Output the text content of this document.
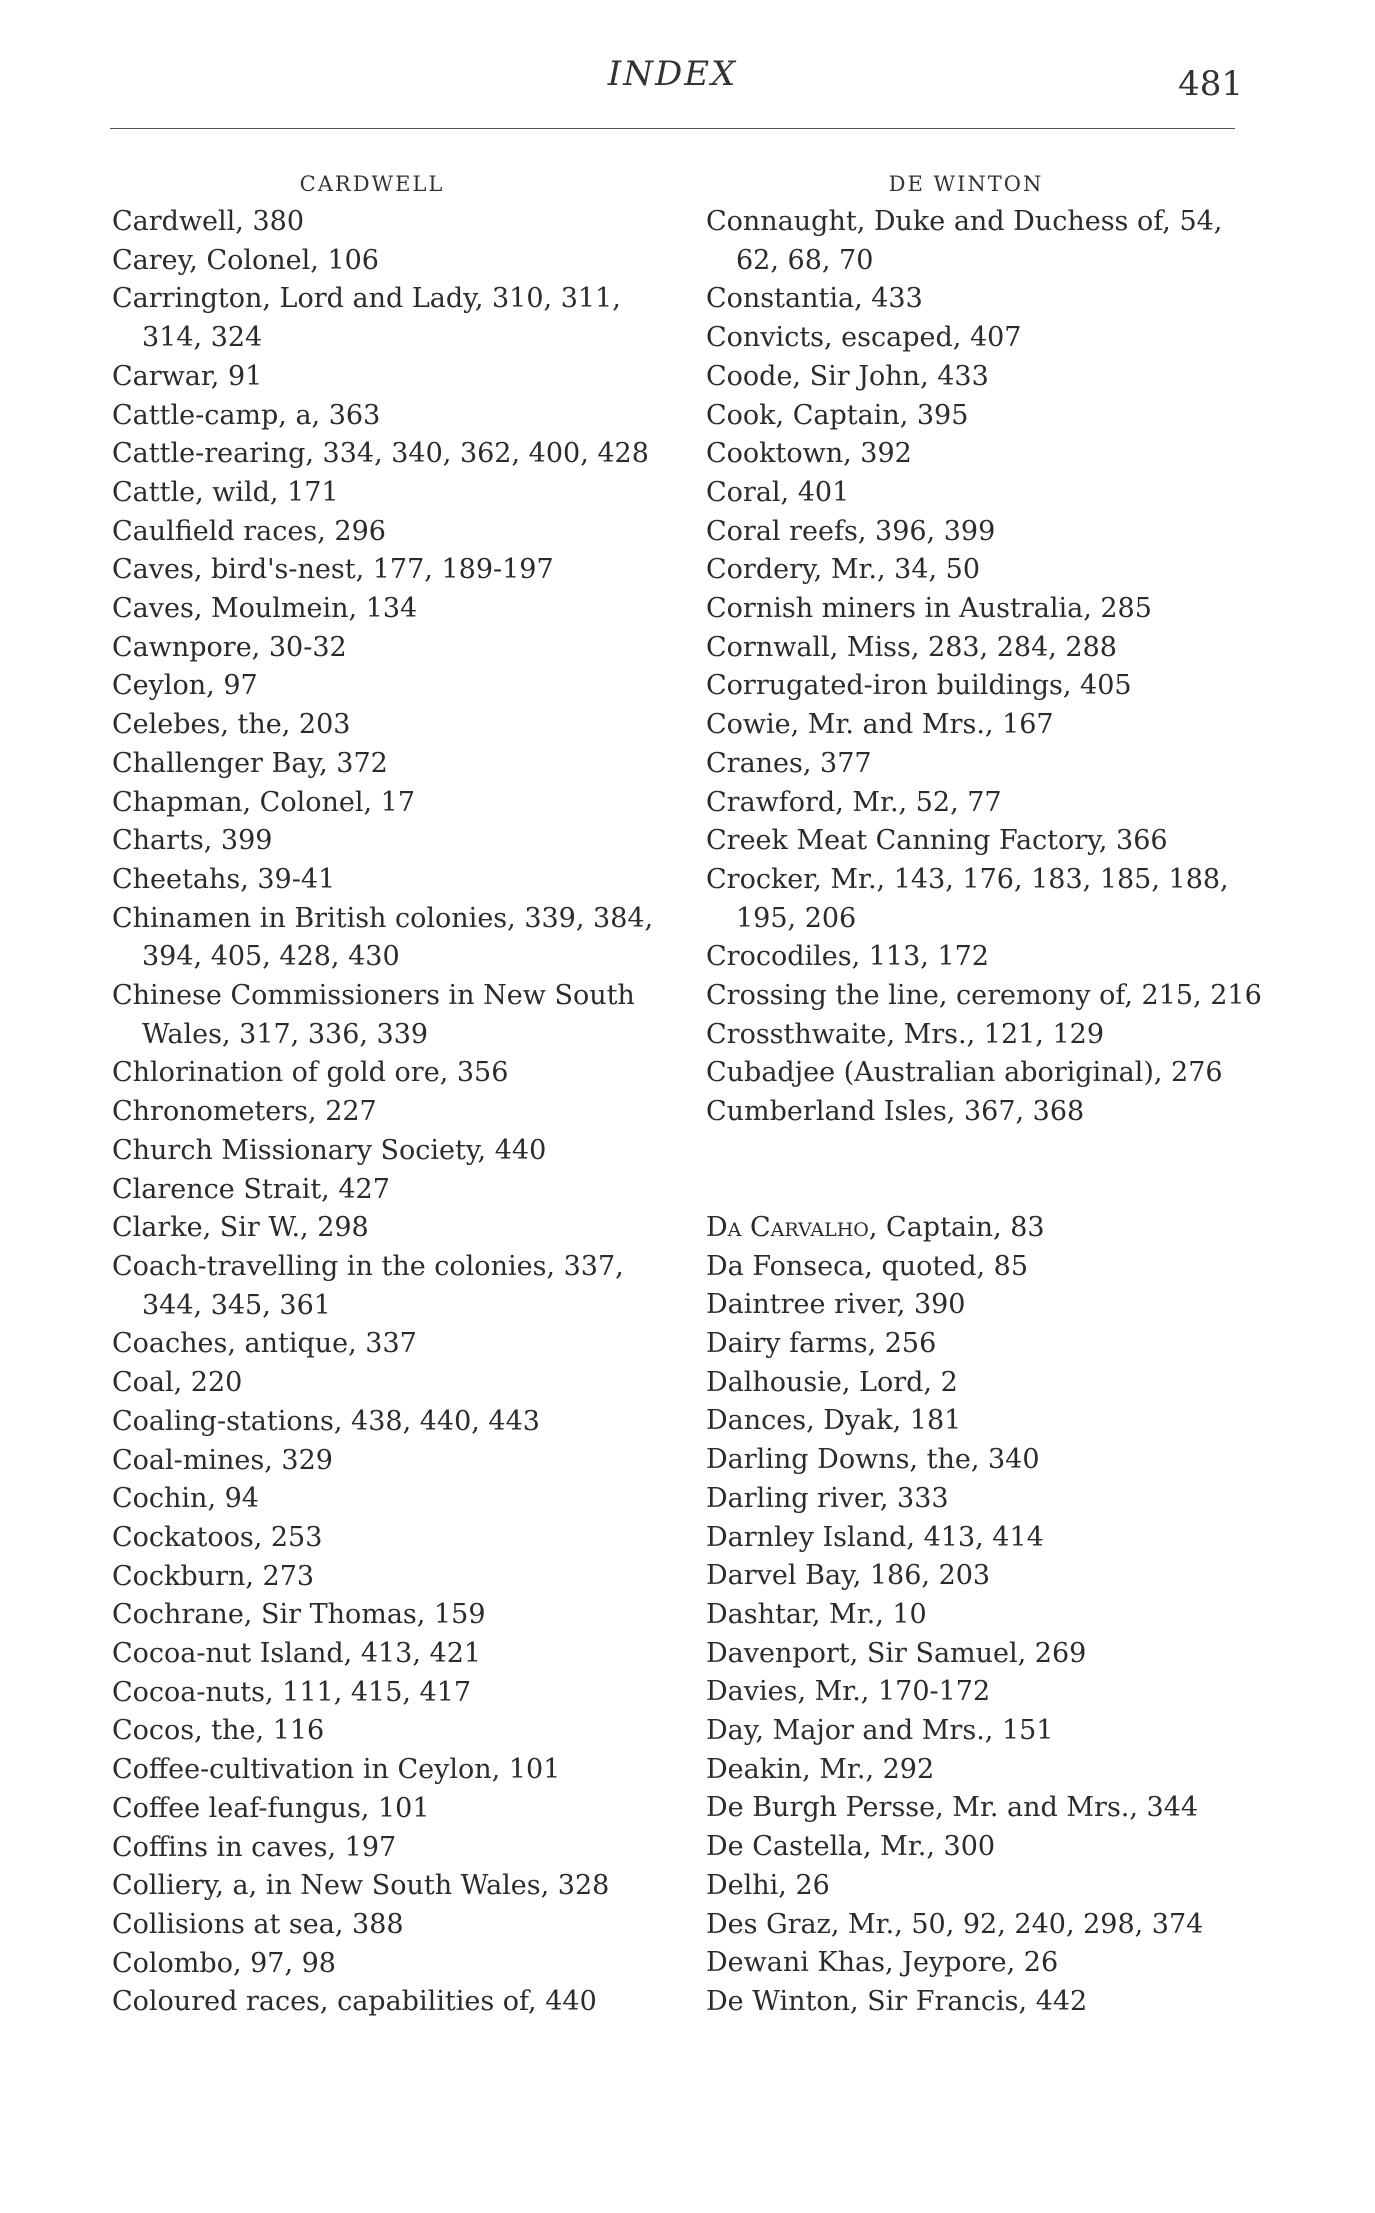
INDEX	481
CARDWELL
Cardwell, 380
Carey, Colonel, 106
Carrington, Lord and Lady, 310, 311, 314, 324
Carwar, 91
Cattle-camp, a, 363
Cattle-rearing, 334, 340, 362, 400, 428
Cattle, wild, 171
Caulfield races, 296
Caves, bird's-nest, 177, 189-197
Caves, Moulmein, 134
Cawnpore, 30-32
Ceylon, 97
Celebes, the, 203
Challenger Bay, 372
Chapman, Colonel, 17
Charts, 399
Cheetahs, 39-41
Chinamen in British colonies, 339, 384, 394, 405, 428, 430
Chinese Commissioners in New South Wales, 317, 336, 339
Chlorination of gold ore, 356
Chronometers, 227
Church Missionary Society, 440
Clarence Strait, 427
Clarke, Sir W., 298
Coach-travelling in the colonies, 337, 344, 345, 361
Coaches, antique, 337
Coal, 220
Coaling-stations, 438, 440, 443
Coal-mines, 329
Cochin, 94
Cockatoos, 253
Cockburn, 273
Cochrane, Sir Thomas, 159
Cocoa-nut Island, 413, 421
Cocoa-nuts, 111, 415, 417
Cocos, the, 116
Coffee-cultivation in Ceylon, 101
Coffee leaf-fungus, 101
Coffins in caves, 197
Colliery, a, in New South Wales, 328
Collisions at sea, 388
Colombo, 97, 98
Coloured races, capabilities of, 440
DE WINTON
Connaught, Duke and Duchess of, 54, 62, 68, 70
Constantia, 433
Convicts, escaped, 407
Coode, Sir John, 433
Cook, Captain, 395
Cooktown, 392
Coral, 401
Coral reefs, 396, 399
Cordery, Mr., 34, 50
Cornish miners in Australia, 285
Cornwall, Miss, 283, 284, 288
Corrugated-iron buildings, 405
Cowie, Mr. and Mrs., 167
Cranes, 377
Crawford, Mr., 52, 77
Creek Meat Canning Factory, 366
Crocker, Mr., 143, 176, 183, 185, 188, 195, 206
Crocodiles, 113, 172
Crossing the line, ceremony of, 215, 216
Crossthwaite, Mrs., 121, 129
Cubadjee (Australian aboriginal), 276
Cumberland Isles, 367, 368
Da Carvalho, Captain, 83
Da Fonseca, quoted, 85
Daintree river, 390
Dairy farms, 256
Dalhousie, Lord, 2
Dances, Dyak, 181
Darling Downs, the, 340
Darling river, 333
Darnley Island, 413, 414
Darvel Bay, 186, 203
Dashtar, Mr., 10
Davenport, Sir Samuel, 269
Davies, Mr., 170-172
Day, Major and Mrs., 151
Deakin, Mr., 292
De Burgh Persse, Mr. and Mrs., 344
De Castella, Mr., 300
Delhi, 26
Des Graz, Mr., 50, 92, 240, 298, 374
Dewani Khas, Jeypore, 26
De Winton, Sir Francis, 442
